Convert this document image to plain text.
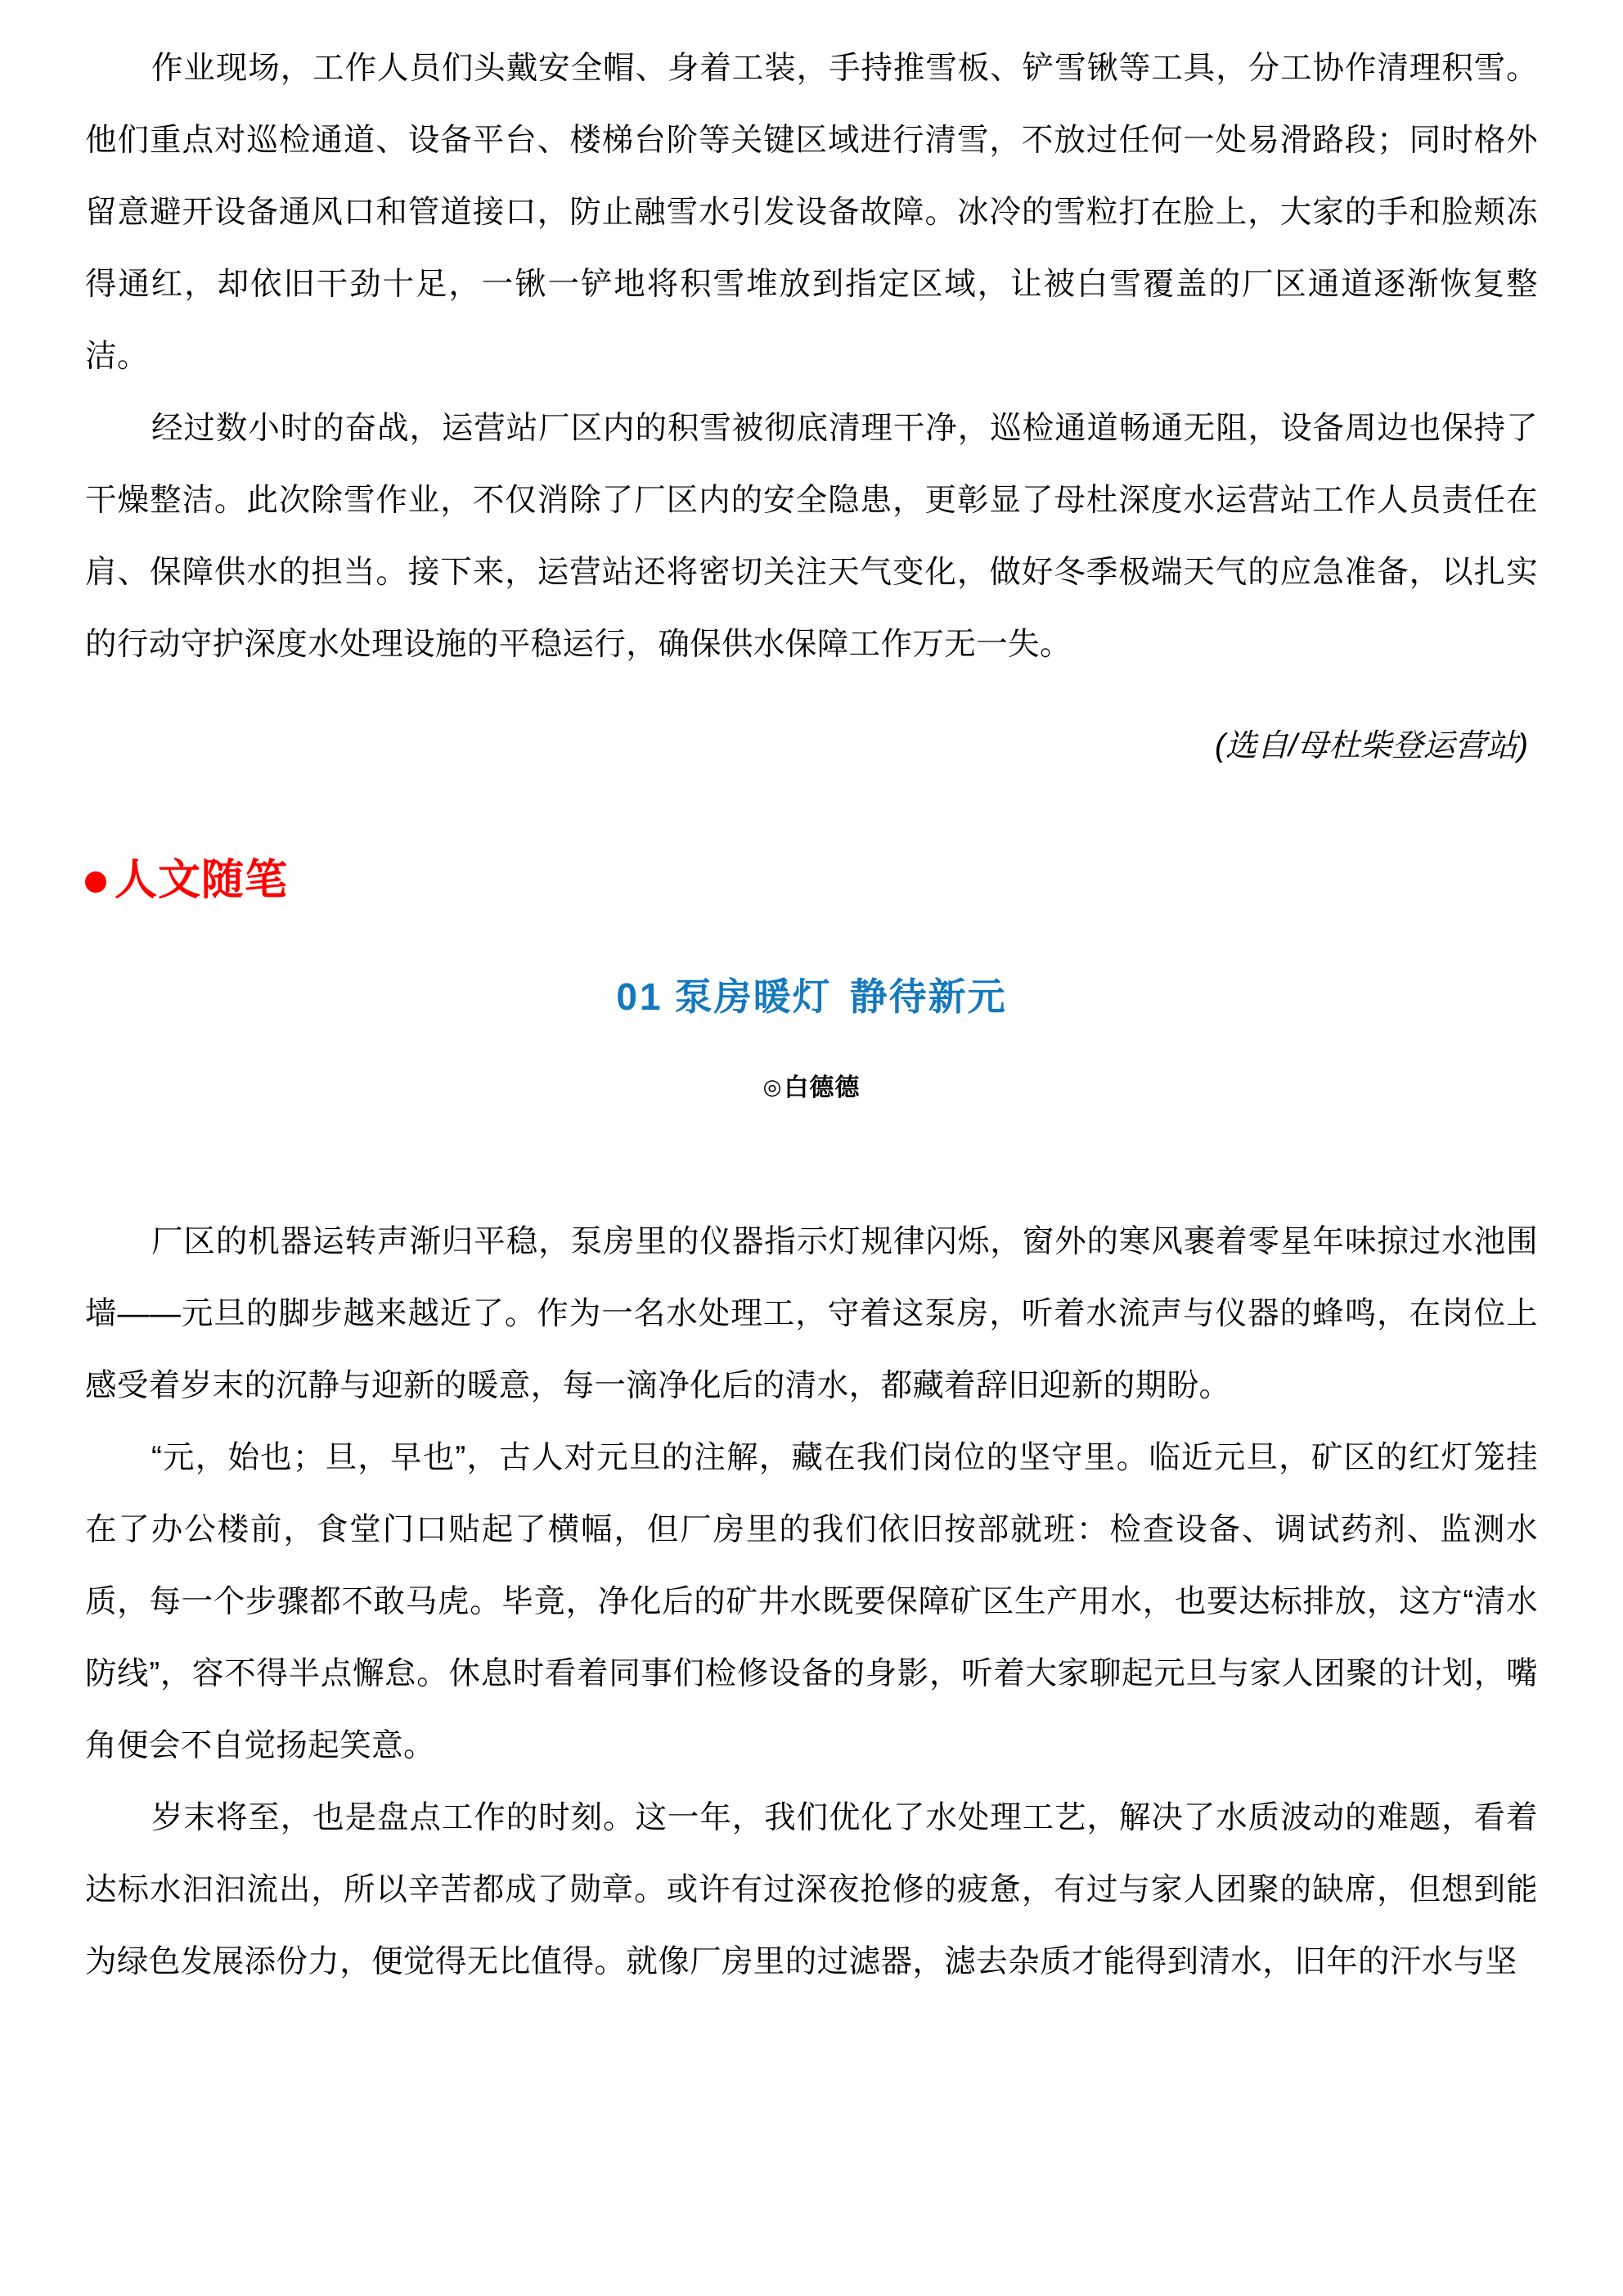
作业现场，工作人员们头戴安全帽、身着工装，手持推雪板、铲雪锹等工具，分工协作清理积雪。他们重点对巡检通道、设备平台、楼梯台阶等关键区域进行清雪，不放过任何一处易滑路段；同时格外留意避开设备通风口和管道接口，防止融雪水引发设备故障。冰冷的雪粒打在脸上，大家的手和脸颊冻得通红，却依旧干劲十足，一锹一铲地将积雪堆放到指定区域，让被白雪覆盖的厂区通道逐渐恢复整洁。

经过数小时的奋战，运营站厂区内的积雪被彻底清理干净，巡检通道畅通无阻，设备周边也保持了干燥整洁。此次除雪作业，不仅消除了厂区内的安全隐患，更彰显了母杜深度水运营站工作人员责任在肩、保障供水的担当。接下来，运营站还将密切关注天气变化，做好冬季极端天气的应急准备，以扎实的行动守护深度水处理设施的平稳运行，确保供水保障工作万无一失。

(选自/母杜柴登运营站)

人文随笔
01 泵房暖灯 静待新元
◎白德德

厂区的机器运转声渐归平稳，泵房里的仪器指示灯规律闪烁，窗外的寒风裹着零星年味掠过水池围墙——元旦的脚步越来越近了。作为一名水处理工，守着这泵房，听着水流声与仪器的蜂鸣，在岗位上感受着岁末的沉静与迎新的暖意，每一滴净化后的清水，都藏着辞旧迎新的期盼。

“元，始也；旦，早也”，古人对元旦的注解，藏在我们岗位的坚守里。临近元旦，矿区的红灯笼挂在了办公楼前，食堂门口贴起了横幅，但厂房里的我们依旧按部就班：检查设备、调试药剂、监测水质，每一个步骤都不敢马虎。毕竟，净化后的矿井水既要保障矿区生产用水，也要达标排放，这方“清水防线”，容不得半点懈怠。休息时看着同事们检修设备的身影，听着大家聊起元旦与家人团聚的计划，嘴角便会不自觉扬起笑意。

岁末将至，也是盘点工作的时刻。这一年，我们优化了水处理工艺，解决了水质波动的难题，看着达标水汩汩流出，所以辛苦都成了勋章。或许有过深夜抢修的疲惫，有过与家人团聚的缺席，但想到能为绿色发展添份力，便觉得无比值得。就像厂房里的过滤器，滤去杂质才能得到清水，旧年的汗水与坚
